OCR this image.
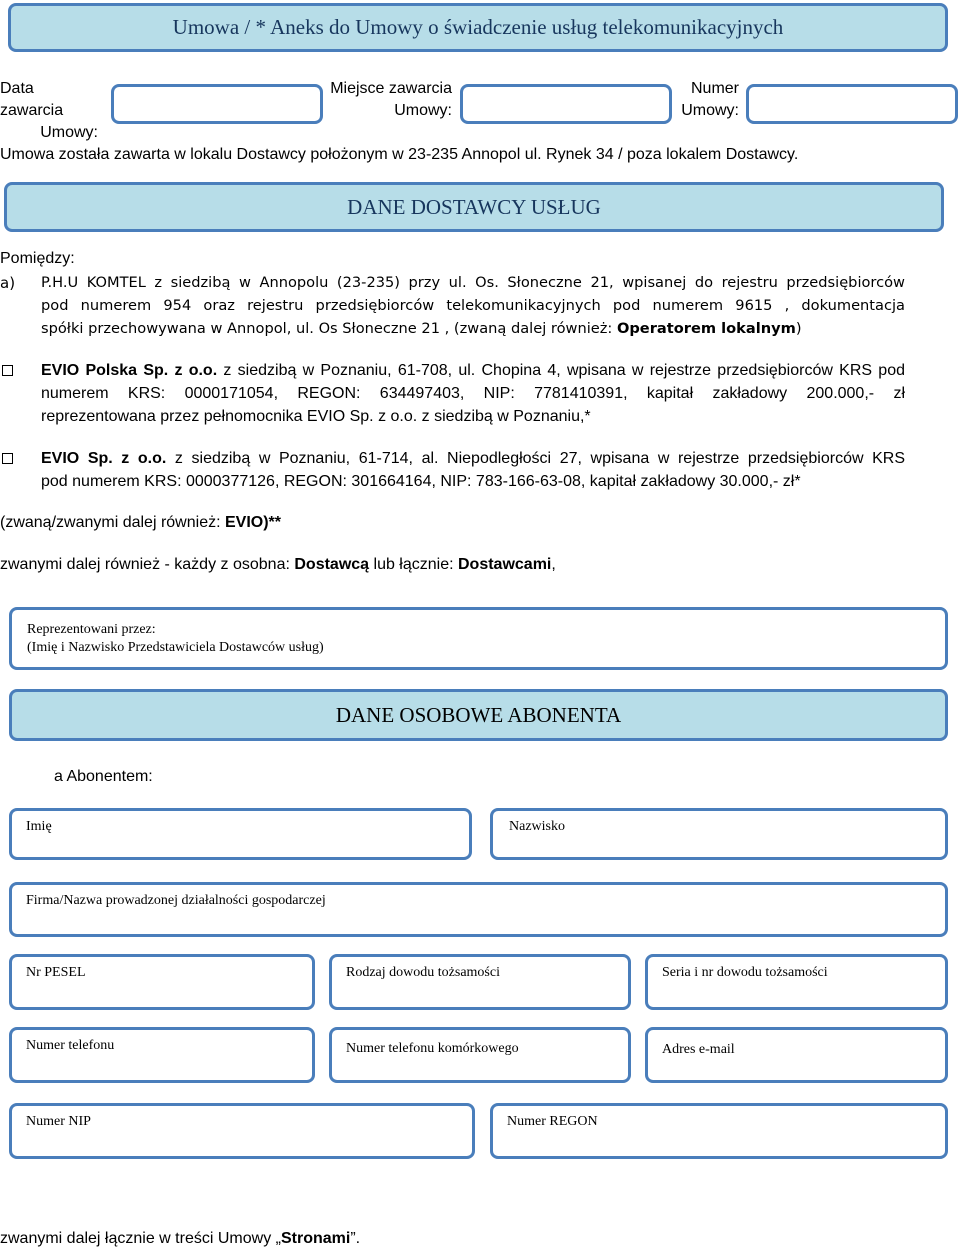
Umowa / * Aneks do Umowy o świadczenie usług telekomunikacyjnych
Data zawarcia
Umowy:
Miejsce zawarcia
Umowy:
Numer
Umowy:
Umowa została zawarta w lokalu Dostawcy położonym w 23-235 Annopol ul. Rynek 34 / poza lokalem Dostawcy.
DANE DOSTAWCY USŁUG
Pomiędzy:
a) P.H.U KOMTEL z siedzibą w Annopolu (23-235) przy ul. Os. Słoneczne 21, wpisanej do rejestru przedsiębiorców
pod numerem 954 oraz rejestru przedsiębiorców telekomunikacyjnych pod numerem 9615 , dokumentacja
spółki przechowywana w Annopol, ul. Os Słoneczne 21 , (zwaną dalej również: Operatorem lokalnym)
EVIO Polska Sp. z o.o. z siedzibą w Poznaniu, 61-708, ul. Chopina 4, wpisana w rejestrze przedsiębiorców KRS pod
numerem KRS: 0000171054, REGON: 634497403, NIP: 7781410391, kapitał zakładowy 200.000,- zł
reprezentowana przez pełnomocnika EVIO Sp. z o.o. z siedzibą w Poznaniu,*
EVIO Sp. z o.o. z siedzibą w Poznaniu, 61-714, al. Niepodległości 27, wpisana w rejestrze przedsiębiorców KRS
pod numerem KRS: 0000377126, REGON: 301664164, NIP: 783-166-63-08, kapitał zakładowy 30.000,- zł*
(zwaną/zwanymi dalej również: EVIO)**
zwanymi dalej również - każdy z osobna: Dostawcą lub łącznie: Dostawcami,
Reprezentowani przez:
(Imię i Nazwisko Przedstawiciela Dostawców usług)
DANE OSOBOWE ABONENTA
a Abonentem:
Imię	Nazwisko
Firma/Nazwa prowadzonej działalności gospodarczej
Nr PESEL	Rodzaj dowodu tożsamości	Seria i nr dowodu tożsamości
Numer telefonu	Numer telefonu komórkowego	Adres e-mail
Numer NIP	Numer REGON
zwanymi dalej łącznie w treści Umowy „Stronami”.
